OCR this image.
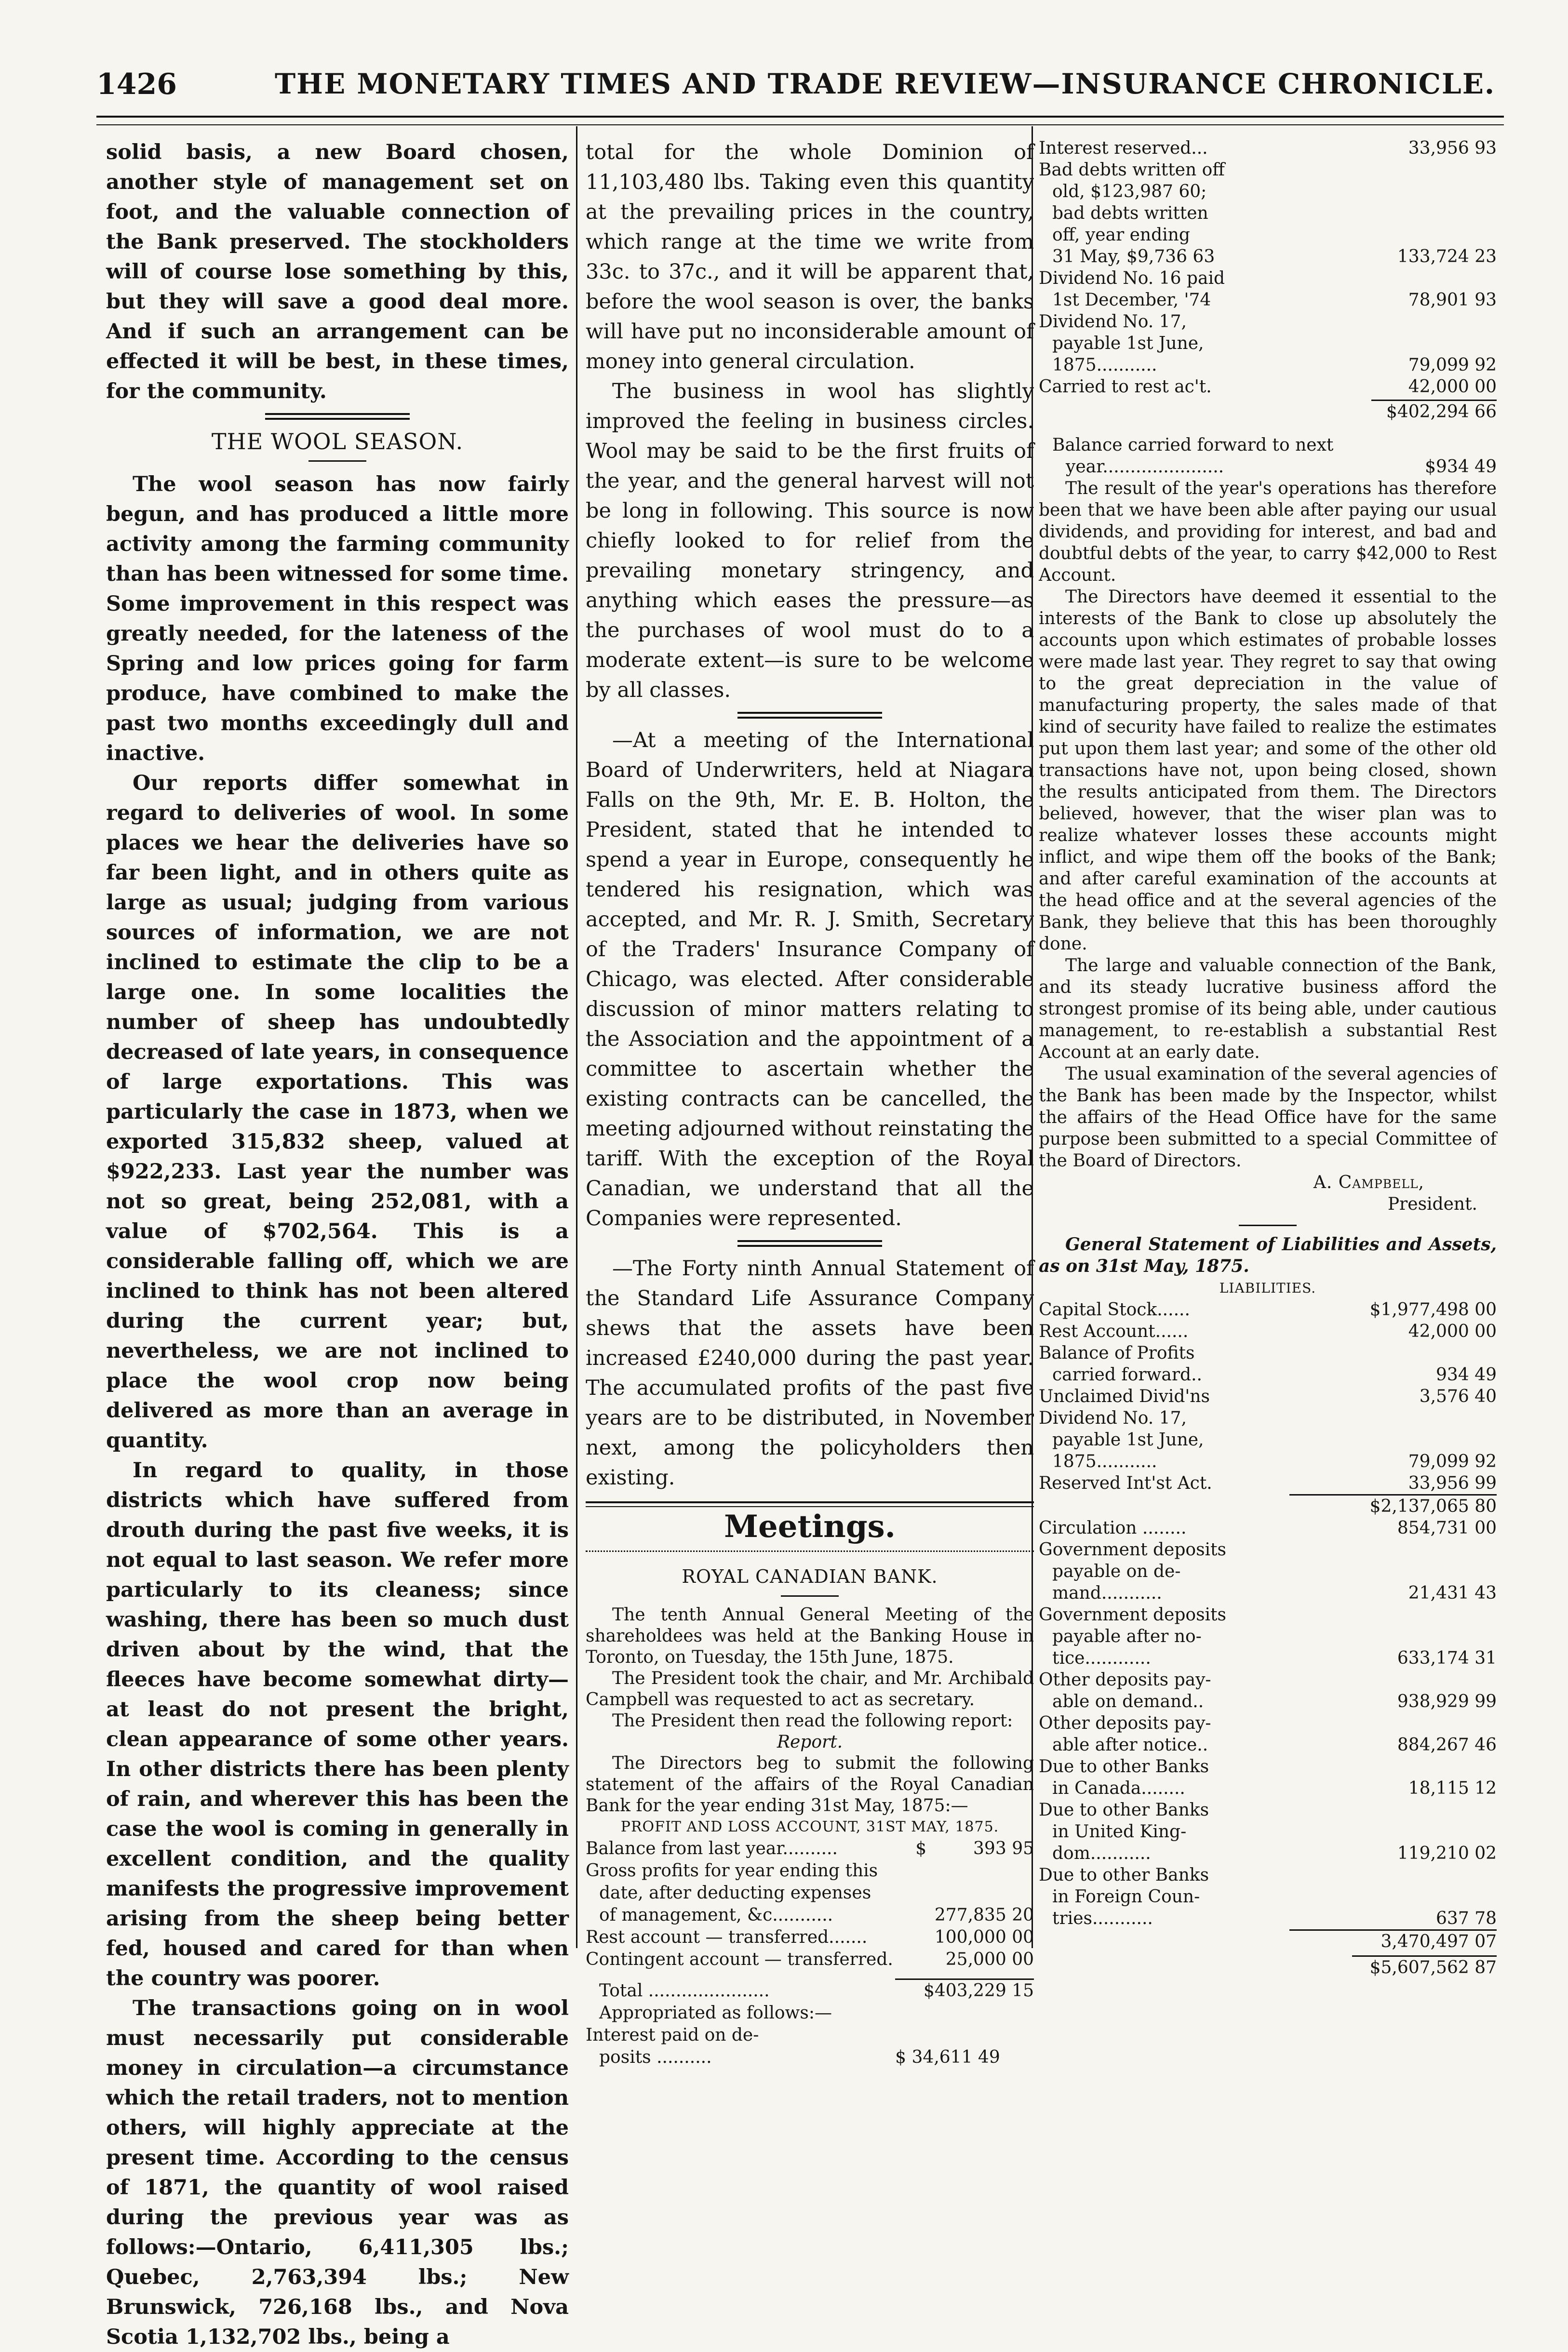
1426	THE MONETARY TIMES AND TRADE REVIEW—INSURANCE CHRONICLE.

solid basis, a new Board chosen, another style of management set on foot, and the valuable connection of the Bank preserved. The stockholders will of course lose something by this, but they will save a good deal more. And if such an arrangement can be effected it will be best, in these times, for the community.

THE WOOL SEASON.

The wool season has now fairly begun, and has produced a little more activity among the farming community than has been witnessed for some time. Some improvement in this respect was greatly needed, for the lateness of the Spring and low prices going for farm produce, have combined to make the past two months exceedingly dull and inactive.

Our reports differ somewhat in regard to deliveries of wool. In some places we hear the deliveries have so far been light, and in others quite as large as usual; judging from various sources of information, we are not inclined to estimate the clip to be a large one. In some localities the number of sheep has undoubtedly decreased of late years, in consequence of large exportations. This was particularly the case in 1873, when we exported 315,832 sheep, valued at $922,233. Last year the number was not so great, being 252,081, with a value of $702,564. This is a considerable falling off, which we are inclined to think has not been altered during the current year; but, nevertheless, we are not inclined to place the wool crop now being delivered as more than an average in quantity.

In regard to quality, in those districts which have suffered from drouth during the past five weeks, it is not equal to last season. We refer more particularly to its cleaness; since washing, there has been so much dust driven about by the wind, that the fleeces have become somewhat dirty—at least do not present the bright, clean appearance of some other years. In other districts there has been plenty of rain, and wherever this has been the case the wool is coming in generally in excellent condition, and the quality manifests the progressive improvement arising from the sheep being better fed, housed and cared for than when the country was poorer.

The transactions going on in wool must necessarily put considerable money in circulation—a circumstance which the retail traders, not to mention others, will highly appreciate at the present time. According to the census of 1871, the quantity of wool raised during the previous year was as follows:—Ontario, 6,411,305 lbs.; Quebec, 2,763,394 lbs.; New Brunswick, 726,168 lbs., and Nova Scotia 1,132,702 lbs., being a

total for the whole Dominion of 11,103,480 lbs. Taking even this quantity at the prevailing prices in the country, which range at the time we write from 33c. to 37c., and it will be apparent that, before the wool season is over, the banks will have put no inconsiderable amount of money into general circulation.

The business in wool has slightly improved the feeling in business circles. Wool may be said to be the first fruits of the year, and the general harvest will not be long in following. This source is now chiefly looked to for relief from the prevailing monetary stringency, and anything which eases the pressure—as the purchases of wool must do to a moderate extent—is sure to be welcome by all classes.

—At a meeting of the International Board of Underwriters, held at Niagara Falls on the 9th, Mr. E. B. Holton, the President, stated that he intended to spend a year in Europe, consequently he tendered his resignation, which was accepted, and Mr. R. J. Smith, Secretary of the Traders' Insurance Company of Chicago, was elected. After considerable discussion of minor matters relating to the Association and the appointment of a committee to ascertain whether the existing contracts can be cancelled, the meeting adjourned without reinstating the tariff. With the exception of the Royal Canadian, we understand that all the Companies were represented.

—The Forty ninth Annual Statement of the Standard Life Assurance Company shews that the assets have been increased £240,000 during the past year. The accumulated profits of the past five years are to be distributed, in November next, among the policyholders then existing.

Meetings.
ROYAL CANADIAN BANK.

The tenth Annual General Meeting of the shareholdees was held at the Banking House in Toronto, on Tuesday, the 15th June, 1875.

The President took the chair, and Mr. Archibald Campbell was requested to act as secretary.

The President then read the following report:

Report.

The Directors beg to submit the following statement of the affairs of the Royal Canadian Bank for the year ending 31st May, 1875:—

PROFIT AND LOSS ACCOUNT, 31ST MAY, 1875.

Balance from last year..........	$	393 95
Gross profits for year ending this		
date, after deducting expenses		
of management, &c...........		277,835 20
Rest account — transferred.......		100,000 00
Contingent account — transferred.		25,000 00
Total ......................	$403,229 15
Appropriated as follows:—	
Interest paid on de-	
posits ..........	$ 34,611 49
Interest reserved...	33,956 93
Bad debts written off	
old, $123,987 60;	
bad debts written	
off, year ending	
31 May, $9,736 63	133,724 23
Dividend No. 16 paid	
1st December, '74	78,901 93
Dividend No. 17,	
payable 1st June,	
1875...........	79,099 92
Carried to rest ac't.	42,000 00
$402,294 66
Balance carried forward to next	
year......................	$934 49

The result of the year's operations has therefore been that we have been able after paying our usual dividends, and providing for interest, and bad and doubtful debts of the year, to carry $42,000 to Rest Account.

The Directors have deemed it essential to the interests of the Bank to close up absolutely the accounts upon which estimates of probable losses were made last year. They regret to say that owing to the great depreciation in the value of manufacturing property, the sales made of that kind of security have failed to realize the estimates put upon them last year; and some of the other old transactions have not, upon being closed, shown the results anticipated from them. The Directors believed, however, that the wiser plan was to realize whatever losses these accounts might inflict, and wipe them off the books of the Bank; and after careful examination of the accounts at the head office and at the several agencies of the Bank, they believe that this has been thoroughly done.

The large and valuable connection of the Bank, and its steady lucrative business afford the strongest promise of its being able, under cautious management, to re-establish a substantial Rest Account at an early date.

The usual examination of the several agencies of the Bank has been made by the Inspector, whilst the affairs of the Head Office have for the same purpose been submitted to a special Committee of the Board of Directors.

A. Campbell,
President.

General Statement of Liabilities and Assets, as on 31st May, 1875.

LIABILITIES.
Capital Stock......	$1,977,498 00
Rest Account......	42,000 00
Balance of Profits	
carried forward..	934 49
Unclaimed Divid'ns	3,576 40
Dividend No. 17,	
payable 1st June,	
1875...........	79,099 92
Reserved Int'st Act.	33,956 99
$2,137,065 80
Circulation ........	854,731 00
Government deposits	
payable on de-	
mand...........	21,431 43
Government deposits	
payable after no-	
tice............	633,174 31
Other deposits pay-	
able on demand..	938,929 99
Other deposits pay-	
able after notice..	884,267 46
Due to other Banks	
in Canada........	18,115 12
Due to other Banks	
in United King-	
dom...........	119,210 02
Due to other Banks	
in Foreign Coun-	
tries...........	637 78
3,470,497 07
$5,607,562 87
